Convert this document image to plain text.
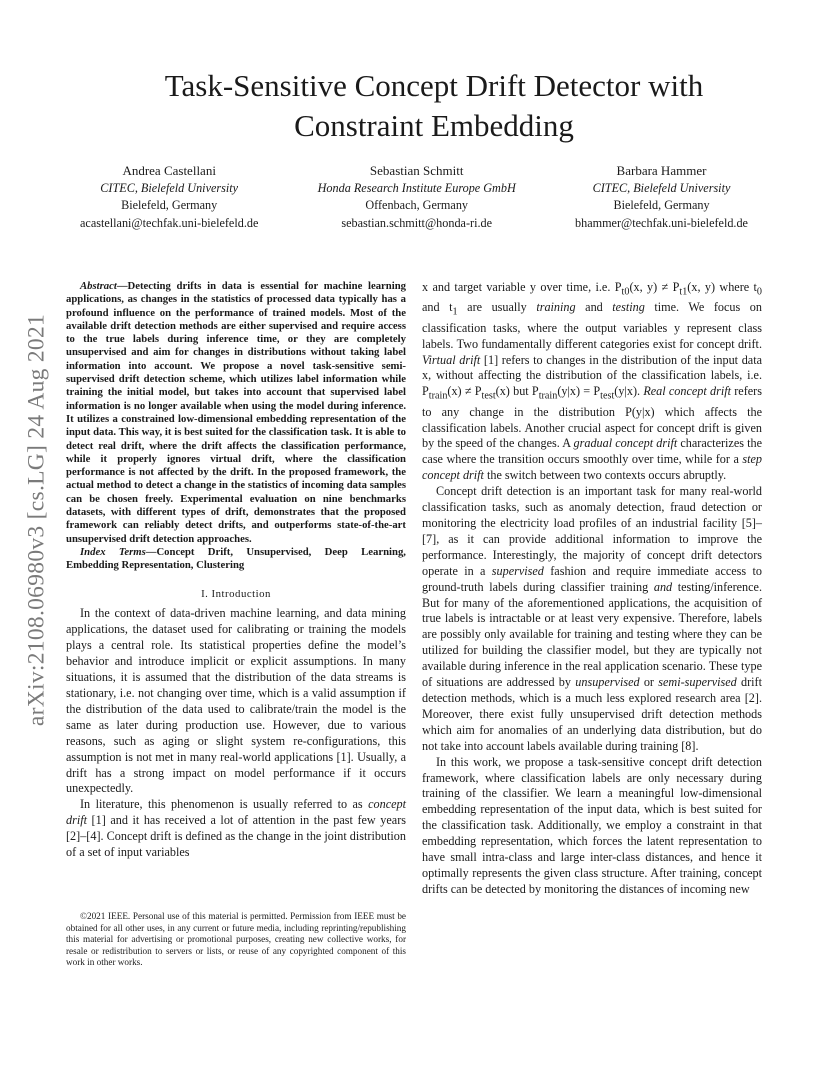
arXiv:2108.06980v3 [cs.LG] 24 Aug 2021
Task-Sensitive Concept Drift Detector with
Constraint Embedding
Andrea Castellani
CITEC, Bielefeld University
Bielefeld, Germany
acastellani@techfak.uni-bielefeld.de
Sebastian Schmitt
Honda Research Institute Europe GmbH
Offenbach, Germany
sebastian.schmitt@honda-ri.de
Barbara Hammer
CITEC, Bielefeld University
Bielefeld, Germany
bhammer@techfak.uni-bielefeld.de

Abstract—Detecting drifts in data is essential for machine learning applications, as changes in the statistics of processed data typically has a profound influence on the performance of trained models. Most of the available drift detection methods are either supervised and require access to the true labels during inference time, or they are completely unsupervised and aim for changes in distributions without taking label information into account. We propose a novel task-sensitive semi-supervised drift detection scheme, which utilizes label information while training the initial model, but takes into account that supervised label information is no longer available when using the model during inference. It utilizes a constrained low-dimensional embedding representation of the input data. This way, it is best suited for the classification task. It is able to detect real drift, where the drift affects the classification performance, while it properly ignores virtual drift, where the classification performance is not affected by the drift. In the proposed framework, the actual method to detect a change in the statistics of incoming data samples can be chosen freely. Experimental evaluation on nine benchmarks datasets, with different types of drift, demonstrates that the proposed framework can reliably detect drifts, and outperforms state-of-the-art unsupervised drift detection approaches.

Index Terms—Concept Drift, Unsupervised, Deep Learning, Embedding Representation, Clustering

I. Introduction

In the context of data-driven machine learning, and data mining applications, the dataset used for calibrating or training the models plays a central role. Its statistical properties define the model’s behavior and introduce implicit or explicit assumptions. In many situations, it is assumed that the distribution of the data streams is stationary, i.e. not changing over time, which is a valid assumption if the distribution of the data used to calibrate/train the model is the same as later during production use. However, due to various reasons, such as aging or slight system re-configurations, this assumption is not met in many real-world applications [1]. Usually, a drift has a strong impact on model performance if it occurs unexpectedly.

In literature, this phenomenon is usually referred to as concept drift [1] and it has received a lot of attention in the past few years [2]–[4]. Concept drift is defined as the change in the joint distribution of a set of input variables

©2021 IEEE. Personal use of this material is permitted. Permission from IEEE must be obtained for all other uses, in any current or future media, including reprinting/republishing this material for advertising or promotional purposes, creating new collective works, for resale or redistribution to servers or lists, or reuse of any copyrighted component of this work in other works.

x and target variable y over time, i.e. $P_{t0}(x$, $y) \ne P_{t1}(x$, y) where $t_0$ and $t_1$ are usually training and testing time. We focus on classification tasks, where the output variables y represent class labels. Two fundamentally different categories exist for concept drift. Virtual drift [1] refers to changes in the distribution of the input data x, without affecting the distribution of the classification labels, i.e. $P_{train}(x) \ne P_{test}(x)$ but $P_{train}(y|x) = P_{test}(y|x)$. Real concept drift refers to any change in the distribution P(y|x) which affects the classification labels. Another crucial aspect for concept drift is given by the speed of the changes. A gradual concept drift characterizes the case where the transition occurs smoothly over time, while for a step concept drift the switch between two contexts occurs abruptly.

Concept drift detection is an important task for many real-world classification tasks, such as anomaly detection, fraud detection or monitoring the electricity load profiles of an industrial facility [5]–[7], as it can provide additional information to improve the performance. Interestingly, the majority of concept drift detectors operate in a supervised fashion and require immediate access to ground-truth labels during classifier training and testing/inference. But for many of the aforementioned applications, the acquisition of true labels is intractable or at least very expensive. Therefore, labels are possibly only available for training and testing where they can be utilized for building the classifier model, but they are typically not available during inference in the real application scenario. These type of situations are addressed by unsupervised or semi-supervised drift detection methods, which is a much less explored research area [2]. Moreover, there exist fully unsupervised drift detection methods which aim for anomalies of an underlying data distribution, but do not take into account labels available during training [8].

In this work, we propose a task-sensitive concept drift detection framework, where classification labels are only necessary during training of the classifier. We learn a meaningful low-dimensional embedding representation of the input data, which is best suited for the classification task. Additionally, we employ a constraint in that embedding representation, which forces the latent representation to have small intra-class and large inter-class distances, and hence it optimally represents the given class structure. After training, concept drifts can be detected by monitoring the distances of incoming new
